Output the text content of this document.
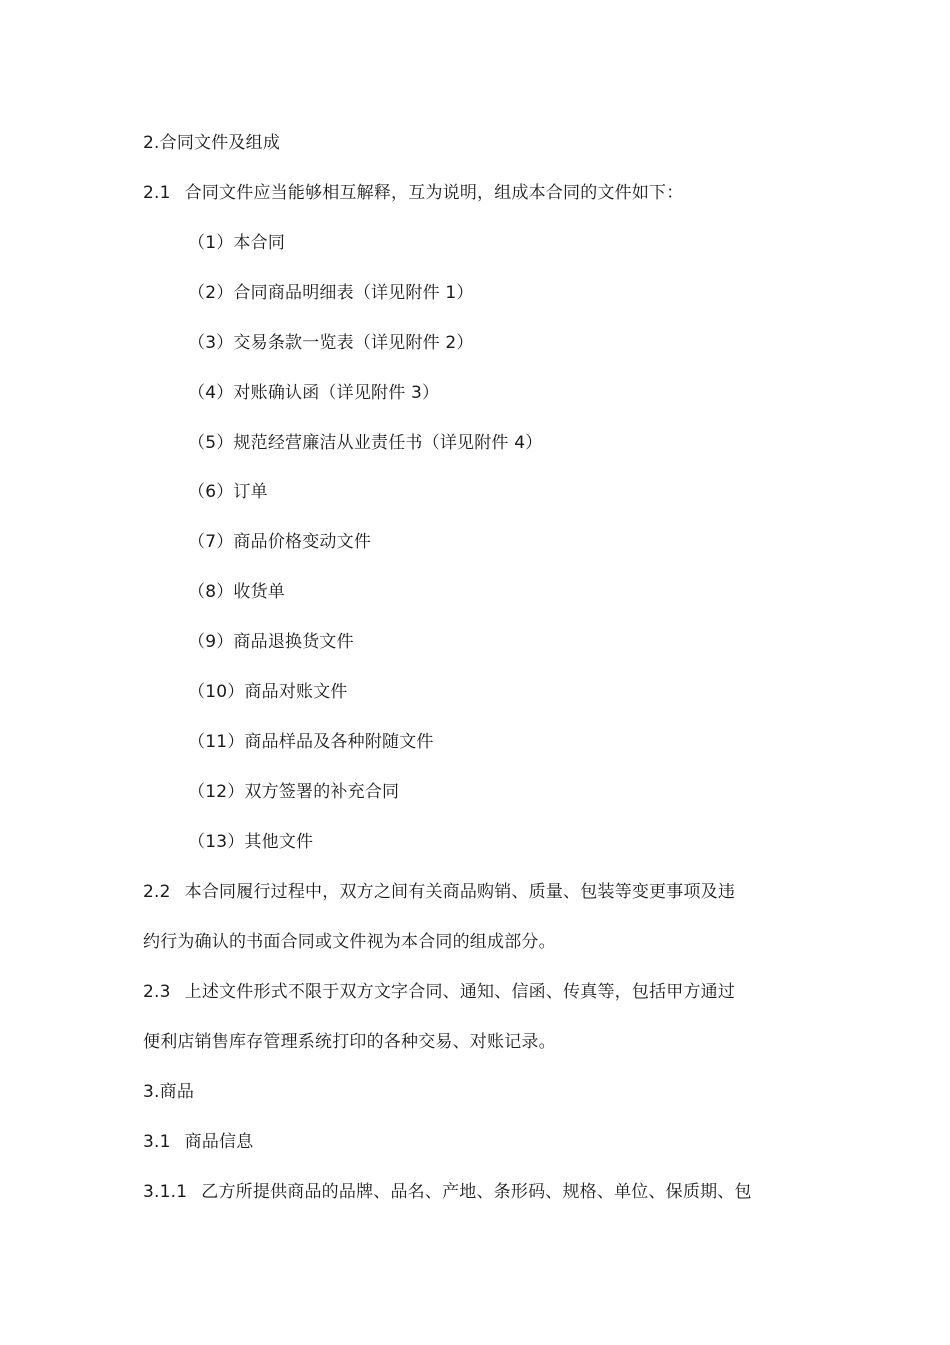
2.合同文件及组成
2.1 合同文件应当能够相互解释，互为说明，组成本合同的文件如下：
（1）本合同
（2）合同商品明细表（详见附件 1）
（3）交易条款一览表（详见附件 2）
（4）对账确认函（详见附件 3）
（5）规范经营廉洁从业责任书（详见附件 4）
（6）订单
（7）商品价格变动文件
（8）收货单
（9）商品退换货文件
（10）商品对账文件
（11）商品样品及各种附随文件
（12）双方签署的补充合同
（13）其他文件
2.2 本合同履行过程中，双方之间有关商品购销、质量、包装等变更事项及违
约行为确认的书面合同或文件视为本合同的组成部分。
2.3 上述文件形式不限于双方文字合同、通知、信函、传真等，包括甲方通过
便利店销售库存管理系统打印的各种交易、对账记录。
3.商品
3.1 商品信息
3.1.1 乙方所提供商品的品牌、品名、产地、条形码、规格、单位、保质期、包
